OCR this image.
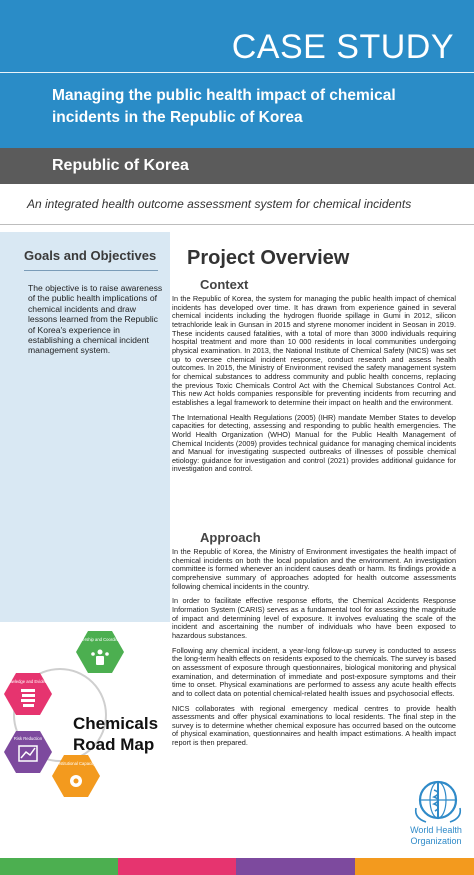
CASE STUDY
Managing the public health impact of chemical incidents in the Republic of Korea
Republic of Korea
An integrated health outcome assessment system for chemical incidents
Goals and Objectives
The objective is to raise awareness of the public health implications of chemical incidents and draw lessons learned from the Republic of Korea's experience in establishing a chemical incident management system.
Project Overview
Context

In the Republic of Korea, the system for managing the public health impact of chemical incidents has developed over time. It has drawn from experience gained in several chemical incidents including the hydrogen fluoride spillage in Gumi in 2012, silicon tetrachloride leak in Gunsan in 2015 and styrene monomer incident in Seosan in 2019. These incidents caused fatalities, with a total of more than 3000 individuals requiring hospital treatment and more than 10 000 residents in local communities undergoing physical examination. In 2013, the National Institute of Chemical Safety (NICS) was set up to oversee chemical incident response, conduct research and assess health outcomes. In 2015, the Ministry of Environment revised the safety management system for chemical substances to address community and public health concerns, replacing the previous Toxic Chemicals Control Act with the Chemical Substances Control Act. This new Act holds companies responsible for preventing incidents from recurring and establishes a legal framework to determine their impact on health and the environment.

The International Health Regulations (2005) (IHR) mandate Member States to develop capacities for detecting, assessing and responding to public health emergencies. The World Health Organization (WHO) Manual for the Public Health Management of Chemical Incidents (2009) provides technical guidance for managing chemical incidents and Manual for investigating suspected outbreaks of illnesses of possible chemical etiology: guidance for investigation and control (2021) provides additional guidance for investigation and control.

Approach

In the Republic of Korea, the Ministry of Environment investigates the health impact of chemical incidents on both the local population and the environment. An investigation committee is formed whenever an incident causes death or harm. Its findings provide a comprehensive summary of approaches adopted for health outcome assessments following chemical incidents in the country.

In order to facilitate effective response efforts, the Chemical Accidents Response Information System (CARIS) serves as a fundamental tool for assessing the magnitude of impact and determining level of exposure. It involves evaluating the scale of the incident and ascertaining the number of individuals who have been exposed to hazardous substances.

Following any chemical incident, a year-long follow-up survey is conducted to assess the long-term health effects on residents exposed to the chemicals. The survey is based on assessment of exposure through questionnaires, biological monitoring and physical examination, and determination of immediate and post-exposure symptoms and their time to onset. Physical examinations are performed to assess any acute health effects and to collect data on potential chemical-related health issues and psychosocial effects.

NICS collaborates with regional emergency medical centres to provide health assessments and offer physical examinations to local residents. The final step in the survey is to determine whether chemical exposure has occurred based on the outcome of physical examination, questionnaires and health impact estimations. A health impact report is then prepared.

Leadership and Coordination
Knowledge and Evidence
Risk Reduction
Institutional Capacity
Chemicals
Road Map
World Health
Organization
